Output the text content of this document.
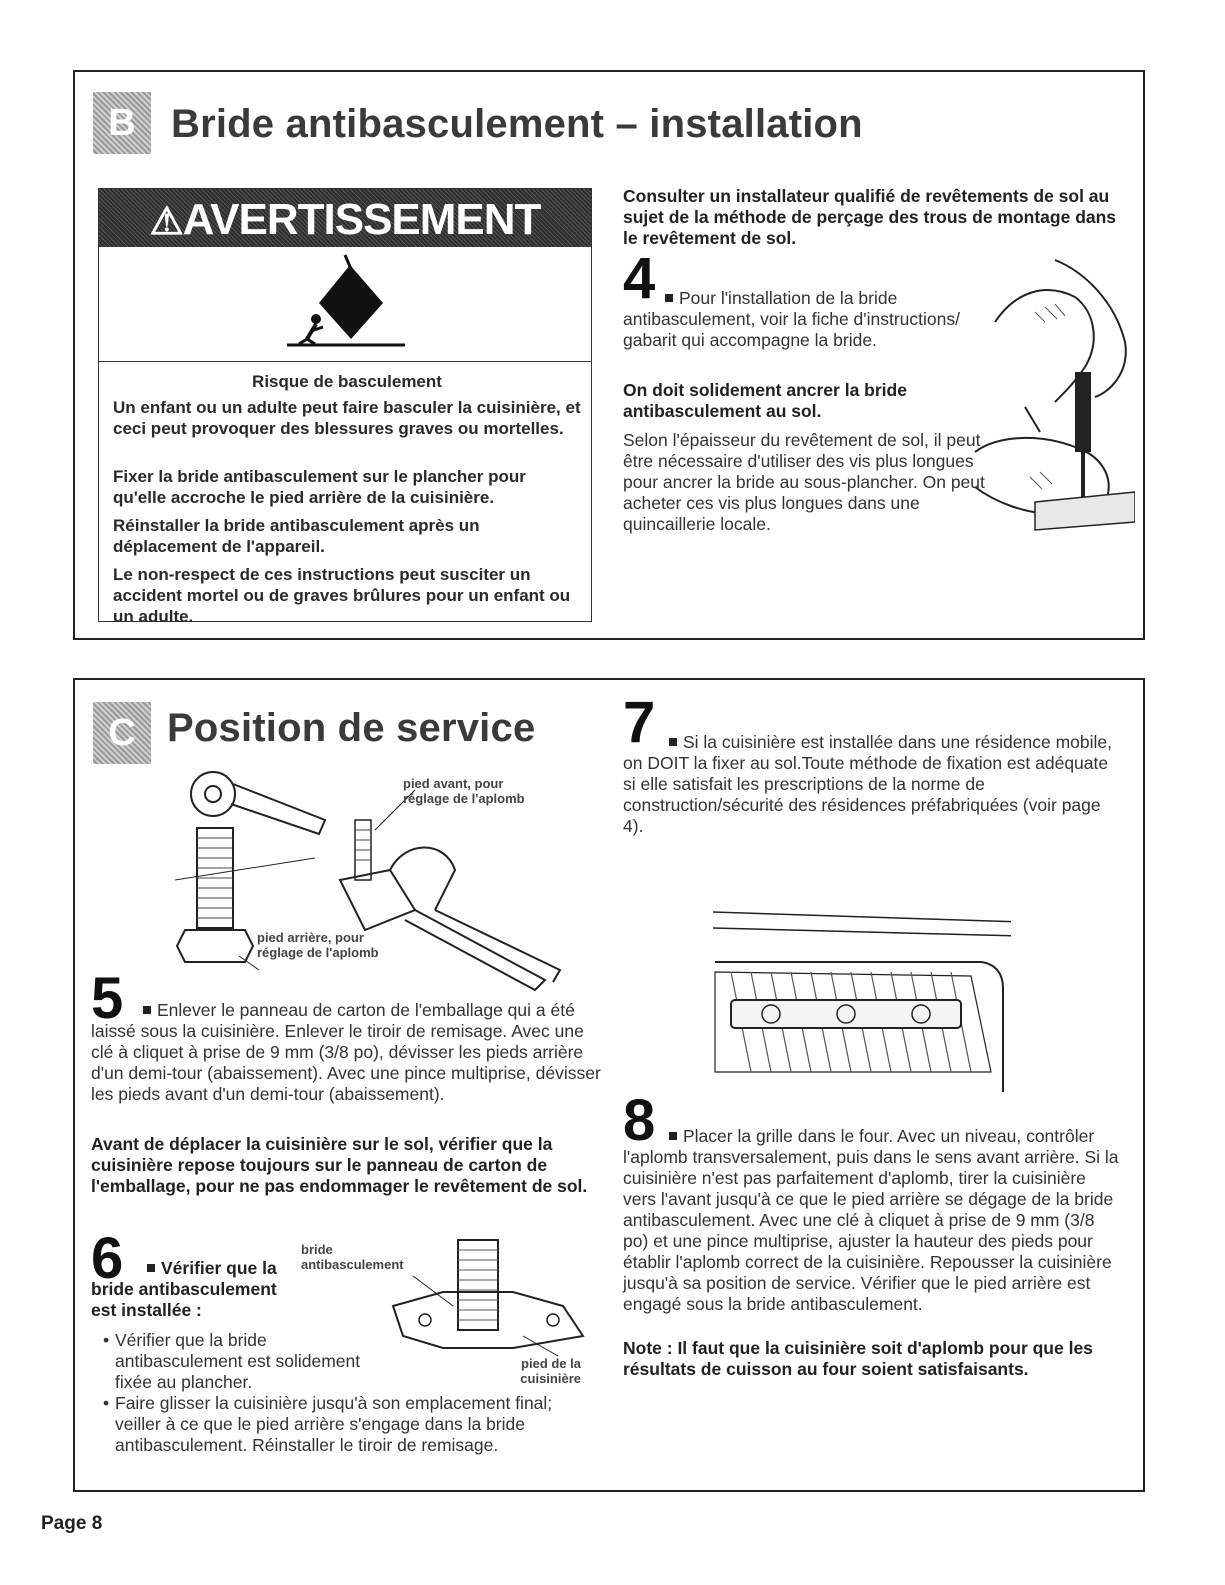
B Bride antibasculement – installation
⚠AVERTISSEMENT
Risque de basculement
Un enfant ou un adulte peut faire basculer la cuisinière, et ceci peut provoquer des blessures graves ou mortelles.
Fixer la bride antibasculement sur le plancher pour qu'elle accroche le pied arrière de la cuisinière.
Réinstaller la bride antibasculement après un déplacement de l'appareil.
Le non-respect de ces instructions peut susciter un accident mortel ou de graves brûlures pour un enfant ou un adulte.
Consulter un installateur qualifié de revêtements de sol au sujet de la méthode de perçage des trous de montage dans le revêtement de sol.
4	Pour l'installation de la bride antibasculement, voir la fiche d'instructions/ gabarit qui accompagne la bride.
On doit solidement ancrer la bride antibasculement au sol.
Selon l'épaisseur du revêtement de sol, il peut être nécessaire d'utiliser des vis plus longues pour ancrer la bride au sous-plancher. On peut acheter ces vis plus longues dans une quincaillerie locale.
C Position de service
pied avant, pour réglage de l'aplomb
pied arrière, pour réglage de l'aplomb
5	Enlever le panneau de carton de l'emballage qui a été laissé sous la cuisinière. Enlever le tiroir de remisage. Avec une clé à cliquet à prise de 9 mm (3/8 po), dévisser les pieds arrière d'un demi-tour (abaissement). Avec une pince multiprise, dévisser les pieds avant d'un demi-tour (abaissement).
Avant de déplacer la cuisinière sur le sol, vérifier que la cuisinière repose toujours sur le panneau de carton de l'emballage, pour ne pas endommager le revêtement de sol.
6	Vérifier que la bride antibasculement est installée :
• Vérifier que la bride antibasculement est solidement fixée au plancher.
• Faire glisser la cuisinière jusqu'à son emplacement final; veiller à ce que le pied arrière s'engage dans la bride antibasculement. Réinstaller le tiroir de remisage.
bride antibasculement
pied de la cuisinière
7	Si la cuisinière est installée dans une résidence mobile, on DOIT la fixer au sol.Toute méthode de fixation est adéquate si elle satisfait les prescriptions de la norme de construction/sécurité des résidences préfabriquées (voir page 4).
8	Placer la grille dans le four. Avec un niveau, contrôler l'aplomb transversalement, puis dans le sens avant arrière. Si la cuisinière n'est pas parfaitement d'aplomb, tirer la cuisinière vers l'avant jusqu'à ce que le pied arrière se dégage de la bride antibasculement. Avec une clé à cliquet à prise de 9 mm (3/8 po) et une pince multiprise, ajuster la hauteur des pieds pour établir l'aplomb correct de la cuisinière. Repousser la cuisinière jusqu'à sa position de service. Vérifier que le pied arrière est engagé sous la bride antibasculement.
Note : Il faut que la cuisinière soit d'aplomb pour que les résultats de cuisson au four soient satisfaisants.
Page 8
